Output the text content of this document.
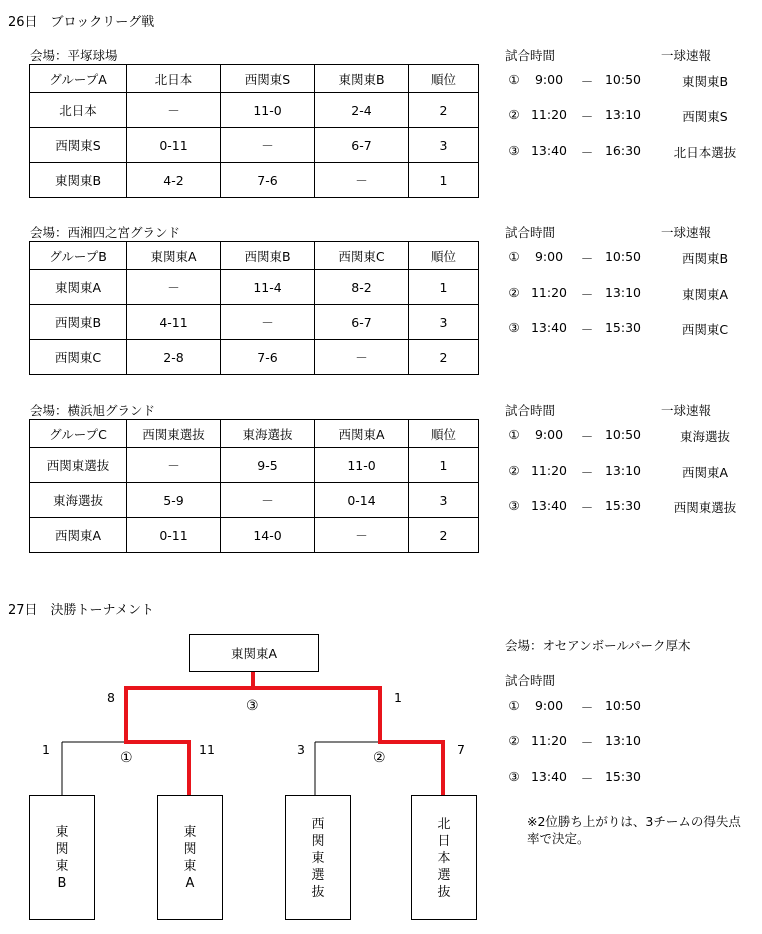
26日　ブロックリーグ戦
会場：平塚球場
グループA	北日本	西関東S	東関東B	順位
北日本	－	11‐0	2‐4	2
西関東S	0‐11	－	6‐7	3
東関東B	4‐2	7‐6	－	1
試合時間	一球速報
①	9:00	－ 10:50	東関東B
② 11:20	－ 13:10	西関東S
③ 13:40	－ 16:30	北日本選抜
会場：西湘四之宮グランド
グループB	東関東A	西関東B	西関東C	順位
東関東A	－	11‐4	8‐2	1
西関東B	4‐11	－	6‐7	3
西関東C	2‐8	7‐6	－	2
試合時間	一球速報
①	9:00	－ 10:50	西関東B
② 11:20	－ 13:10	東関東A
③ 13:40	－ 15:30	西関東C
会場：横浜旭グランド
グループC	西関東選抜	東海選抜	西関東A	順位
西関東選抜	－	9‐5	11‐0	1
東海選抜	5‐9	－	0‐14	3
西関東A	0‐11	14‐0	－	2
試合時間	一球速報
①	9:00	－ 10:50	東海選抜
② 11:20	－ 13:10	西関東A
③ 13:40	－ 15:30	西関東選抜
27日　決勝トーナメント
東関東A
8	1
③
1	11
①
3	7
②
東
関
東
B
東
関
東
A
西
関
東
選
抜
北
日
本
選
抜
会場：オセアンボールパーク厚木
試合時間
①	9:00	－ 10:50
② 11:20	－ 13:10
③ 13:40	－ 15:30
※2位勝ち上がりは、3チームの得失点率で決定。
